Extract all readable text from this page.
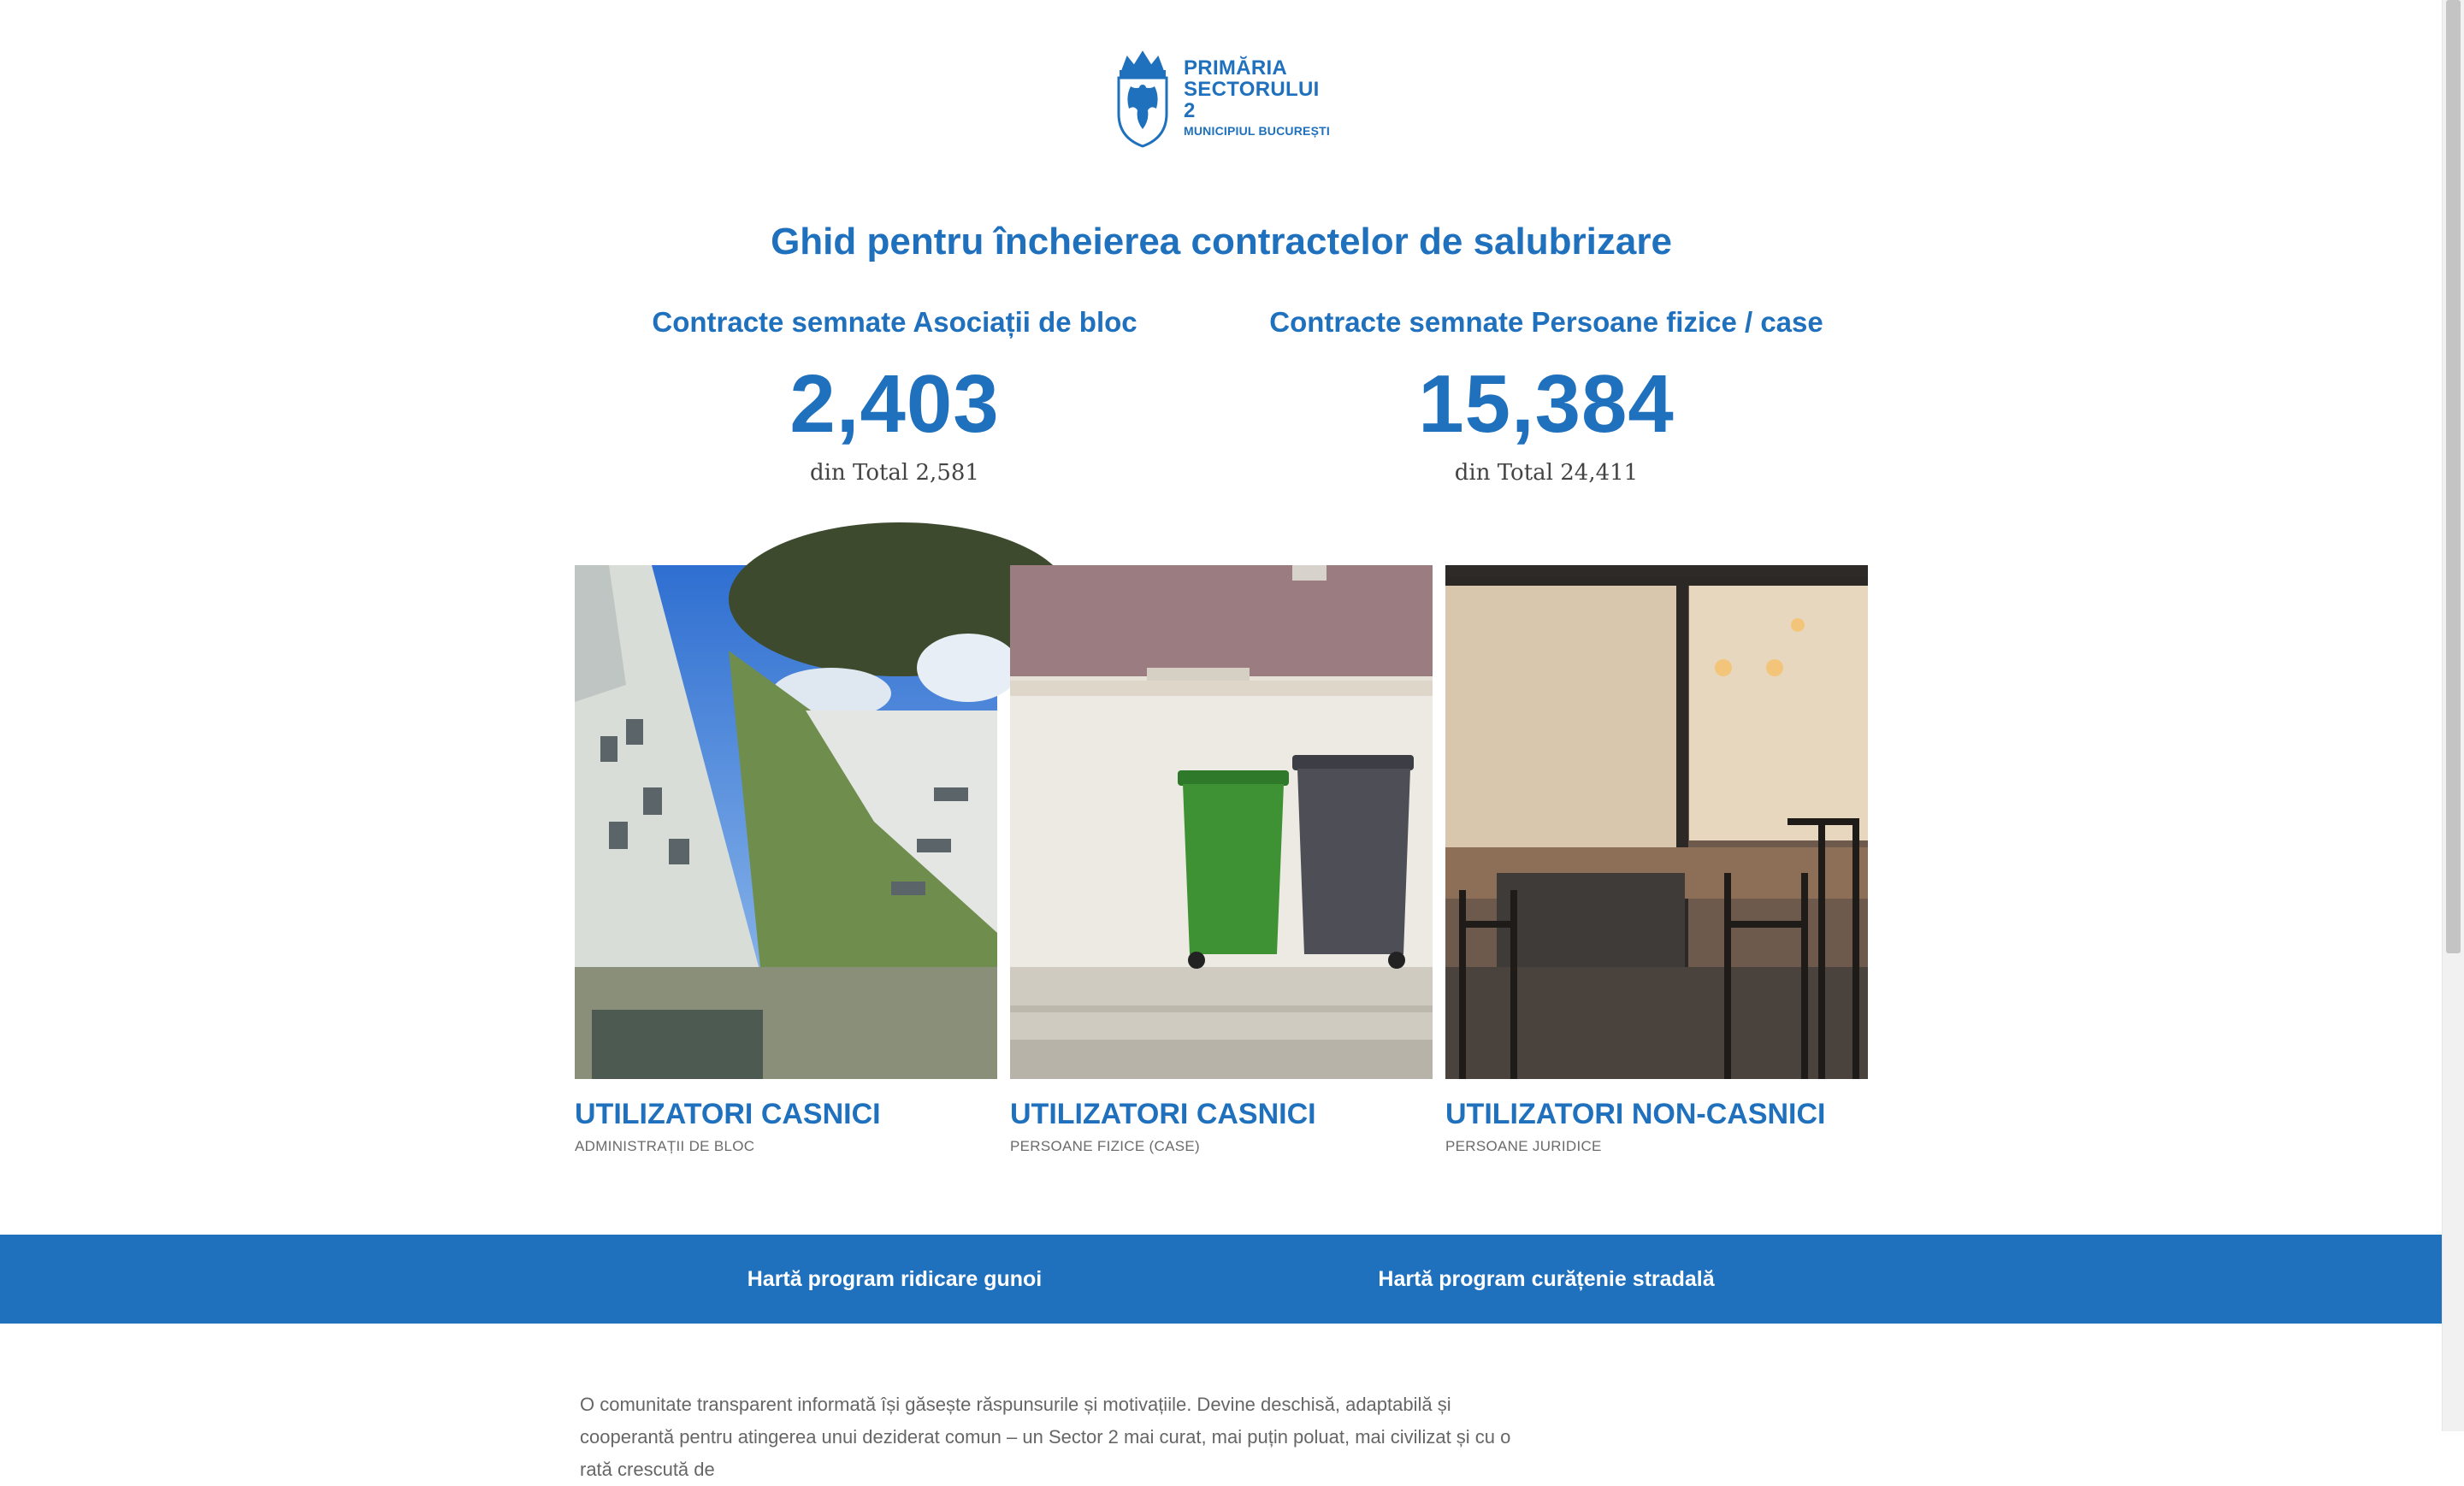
PRIMĂRIA
SECTORULUI 2
MUNICIPIUL BUCUREȘTI
Ghid pentru încheierea contractelor de salubrizare
Contracte semnate Asociații de bloc
2,403
din Total 2,581
Contracte semnate Persoane fizice / case
15,384
din Total 24,411
UTILIZATORI CASNICI
ADMINISTRAȚII DE BLOC
UTILIZATORI CASNICI
PERSOANE FIZICE (CASE)
UTILIZATORI NON-CASNICI
PERSOANE JURIDICE
Hartă program ridicare gunoi	Hartă program curățenie stradală

O comunitate transparent informată își găsește răspunsurile și motivațiile. Devine deschisă, adaptabilă și cooperantă pentru atingerea unui deziderat comun – un Sector 2 mai curat, mai puțin poluat, mai civilizat și cu o rată crescută de
